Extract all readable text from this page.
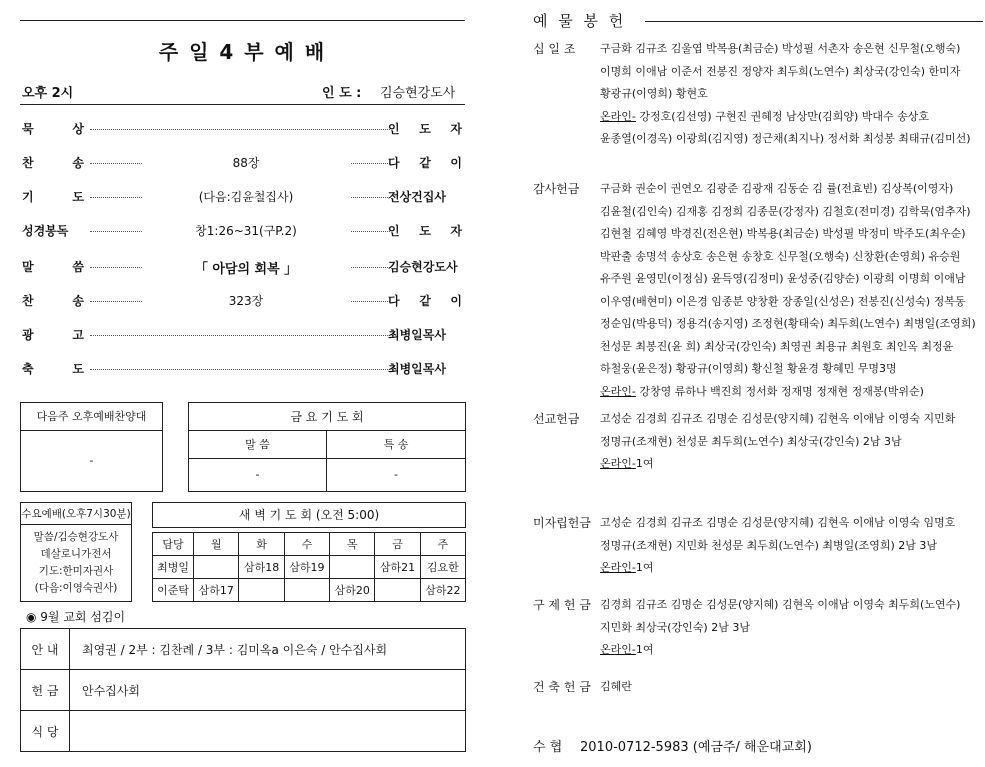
주 일 4 부 예 배
오후 2시	인 도 : 김승현강도사
묵 상	인 도 자
찬 송	88장	다 같 이
기 도	(다음:김윤철집사)	전상건집사
성경봉독	창1:26~31(구P.2)	인 도 자
말 씀	「 아담의 회복 」	김승현강도사
찬 송	323장	다 같 이
광 고	최병일목사
축 도	최병일목사
다음주 오후예배찬양대
-
금 요 기 도 회
말 씀	특 송
-	-
수요예배(오후7시30분)
말씀/김승현강도사
데살로니가전서
기도:한미자권사
(다음:이영숙권사)
새 벽 기 도 회 (오전 5:00)
담당	월	화	수	목	금	주
최병일		삼하18	삼하19		삼하21	김요한
이준탁	삼하17			삼하20		삼하22
◉ 9월 교회 섬김이
안 내	최영권 / 2부 : 김찬례 / 3부 : 김미옥a 이은숙 / 안수집사회
헌 금	안수집사회
식 당	
예 물 봉 헌
십 일 조	구금화 김규조 김울엽 박복용(최금순) 박성필 서촌자 송은현 신무철(오행숙)
이명희 이애남 이준서 전봉진 정양자 최두희(노연수) 최상국(강인숙) 한미자
황광규(이영희) 황현호
온라인- 강정호(김선영) 구현진 권혜정 남상만(김희양) 박대수 송상호
윤종열(이경옥) 이광희(김지영) 정근채(최지나) 정서화 최성봉 최태규(김미선)
감사헌금	구금화 권순이 권연오 김광준 김광재 김동순 김 률(전효빈) 김상복(이영자)
김윤철(김인숙) 김재홍 김정희 김종문(강정자) 김철호(전미경) 김학묵(엄추자)
김현철 김혜영 박경진(전은현) 박복용(최금순) 박성필 박정미 박주도(최우순)
박판출 송명석 송상호 송은현 송창호 신무철(오행숙) 신창환(손영희) 유승원
유주원 윤영민(이정심) 윤득영(김정미) 윤성중(김양순) 이광희 이명희 이애남
이우영(배현미) 이은경 임종분 양창환 장종일(신성은) 전봉진(신성숙) 정복동
정순임(박용덕) 정용걱(송지영) 조정현(황태숙) 최두희(노연수) 최병일(조영희)
천성문 최봉진(윤 희) 최상국(강인숙) 최영권 최용규 최원호 최인옥 최정윤
하철웅(윤은정) 황광규(이영희) 황신철 황윤경 황혜민 무명3명
온라인- 강창영 류하나 백진희 정서화 정재명 정재현 정재봉(박위순)
선교헌금	고성순 김경희 김규조 김명순 김성문(양지혜) 김현옥 이애남 이영숙 지민화
정명규(조재현) 천성문 최두희(노연수) 최상국(강인숙) 2남 3남
온라인-1여
미자립헌금 고성순 김경희 김규조 김명순 김성문(양지혜) 김현옥 이애남 이영숙 임명호
정명규(조재현) 지민화 천성문 최두희(노연수) 최병일(조영희) 2남 3남
온라인-1여
구 제 헌 금 김경희 김규조 김명순 김성문(양지혜) 김현옥 이애남 이영숙 최두희(노연수)
지민화 최상국(강인숙) 2남 3남
온라인-1여
건 축 헌 금 김혜란
수 협 2010-0712-5983 (예금주/ 해운대교회)
